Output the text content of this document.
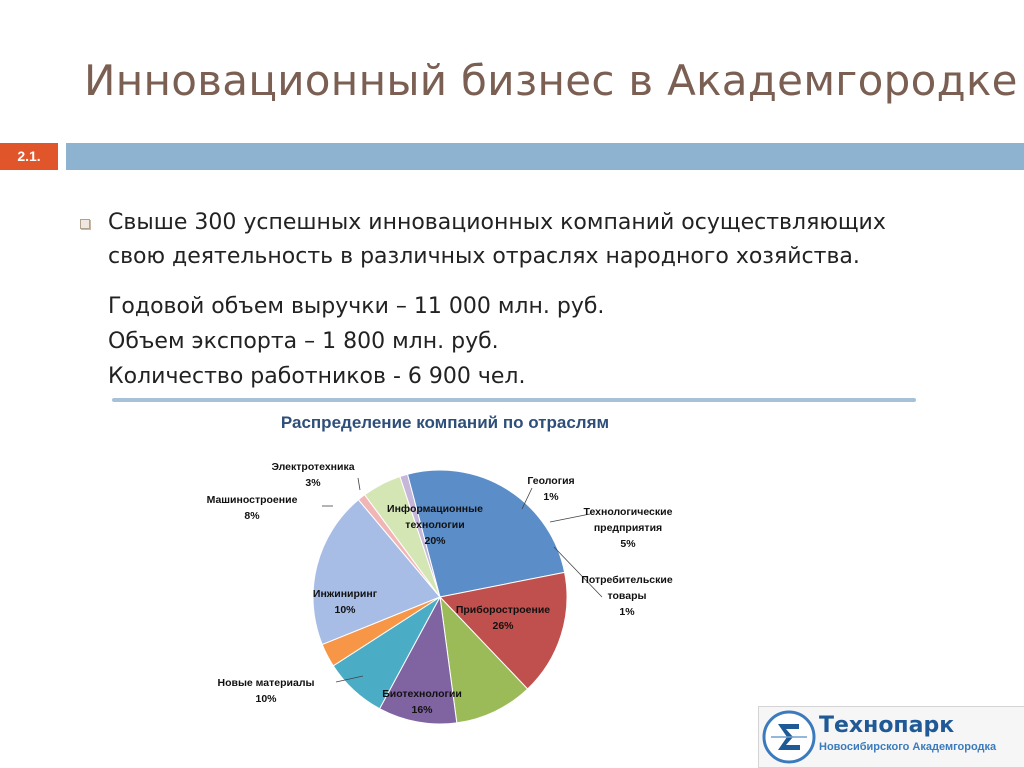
Инновационный бизнес в Академгородке
2.1.
Свыше 300 успешных инновационных компаний осуществляющих
свою деятельность в различных отраслях народного хозяйства.
Годовой объем выручки – 11 000 млн. руб.
Объем экспорта – 1 800 млн. руб.
Количество работников - 6 900 чел.
Распределение компаний по отраслям
Информационные технологии 20%
Геология 1%
Технологические предприятия 5%
Потребительские товары 1%
Приборостроение 26%
Биотехнологии 16%
Новые материалы 10%
Инжиниринг 10%
Машиностроение 8%
Электротехника 3%
Технопарк
Новосибирского Академгородка
